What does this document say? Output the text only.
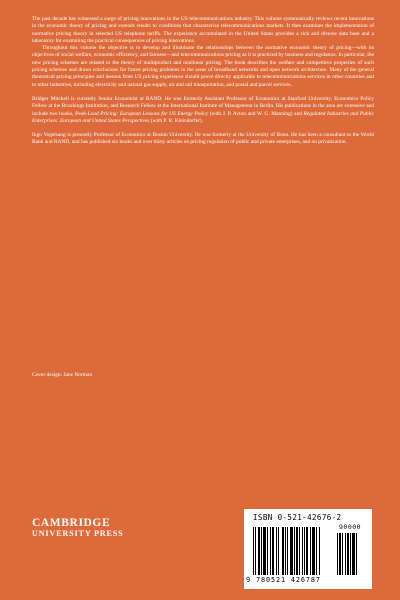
The past decade has witnessed a surge of pricing innovations in the US telecommunications industry. This volume systematically reviews recent innovations in the economic theory of pricing and extends results to conditions that characterize telecommunications markets. It then examines the implementation of normative pricing theory in selected US telephone tariffs. The experience accumulated in the United States provides a rich and diverse data base and a laboratory for examining the practical consequences of pricing innovations.

Throughout this volume the objective is to develop and illuminate the relationships between the normative economic theory of pricing—with its objectives of social welfare, economic efficiency, and fairness—and telecommunications pricing as it is practiced by business and regulators. In particular, the new pricing schemes are related to the theory of multiproduct and nonlinear pricing. The book describes the welfare and competitive properties of such pricing schemes and draws conclusions for future pricing problems in the areas of broadband networks and open network architecture. Many of the general theoretical pricing principles and lessons from US pricing experience should prove directly applicable to telecommunications services in other countries and to other industries, including electricity and natural gas supply, air and rail transportation, and postal and parcel services.

Bridger Mitchell is currently Senior Economist at RAND. He was formerly Assistant Professor of Economics at Stanford University, Economics Policy Fellow at the Brookings Institution, and Research Fellow at the International Institute of Management in Berlin. His publications in the area are extensive and include two books, Peak-Load Pricing: European Lessons for US Energy Policy (with J. P. Acton and W. G. Manning) and Regulated Industries and Public Enterprises: European and United States Perspectives (with P. R. Kleindorfer).

Ingo Vogelsang is presently Professor of Economics at Boston University. He was formerly at the University of Bonn. He has been a consultant to the World Bank and RAND, and has published six books and over thirty articles on pricing regulation of public and private enterprises, and on privatization.

Cover design: Jane Norman
CAMBRIDGE
UNIVERSITY PRESS
ISBN 0-521-42676-2
90000
9 780521 426787
